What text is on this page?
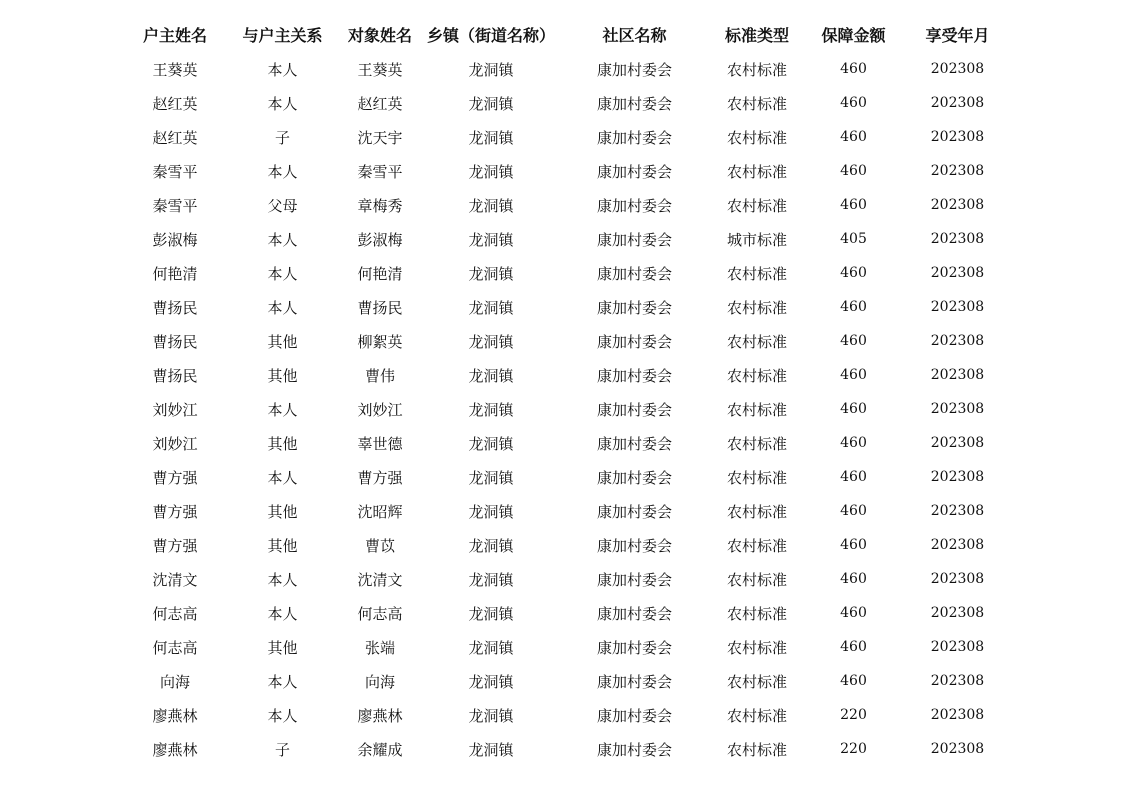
户主姓名	与户主关系	对象姓名	乡镇（街道名称）	社区名称	标准类型	保障金额	享受年月
王葵英	本人	王葵英	龙洞镇	康加村委会	农村标准	460	202308
赵红英	本人	赵红英	龙洞镇	康加村委会	农村标准	460	202308
赵红英	子	沈天宇	龙洞镇	康加村委会	农村标准	460	202308
秦雪平	本人	秦雪平	龙洞镇	康加村委会	农村标准	460	202308
秦雪平	父母	章梅秀	龙洞镇	康加村委会	农村标准	460	202308
彭淑梅	本人	彭淑梅	龙洞镇	康加村委会	城市标准	405	202308
何艳清	本人	何艳清	龙洞镇	康加村委会	农村标准	460	202308
曹扬民	本人	曹扬民	龙洞镇	康加村委会	农村标准	460	202308
曹扬民	其他	柳絮英	龙洞镇	康加村委会	农村标准	460	202308
曹扬民	其他	曹伟	龙洞镇	康加村委会	农村标准	460	202308
刘妙江	本人	刘妙江	龙洞镇	康加村委会	农村标准	460	202308
刘妙江	其他	辜世德	龙洞镇	康加村委会	农村标准	460	202308
曹方强	本人	曹方强	龙洞镇	康加村委会	农村标准	460	202308
曹方强	其他	沈昭辉	龙洞镇	康加村委会	农村标准	460	202308
曹方强	其他	曹苡	龙洞镇	康加村委会	农村标准	460	202308
沈清文	本人	沈清文	龙洞镇	康加村委会	农村标准	460	202308
何志高	本人	何志高	龙洞镇	康加村委会	农村标准	460	202308
何志高	其他	张端	龙洞镇	康加村委会	农村标准	460	202308
向海	本人	向海	龙洞镇	康加村委会	农村标准	460	202308
廖燕林	本人	廖燕林	龙洞镇	康加村委会	农村标准	220	202308
廖燕林	子	余耀成	龙洞镇	康加村委会	农村标准	220	202308
